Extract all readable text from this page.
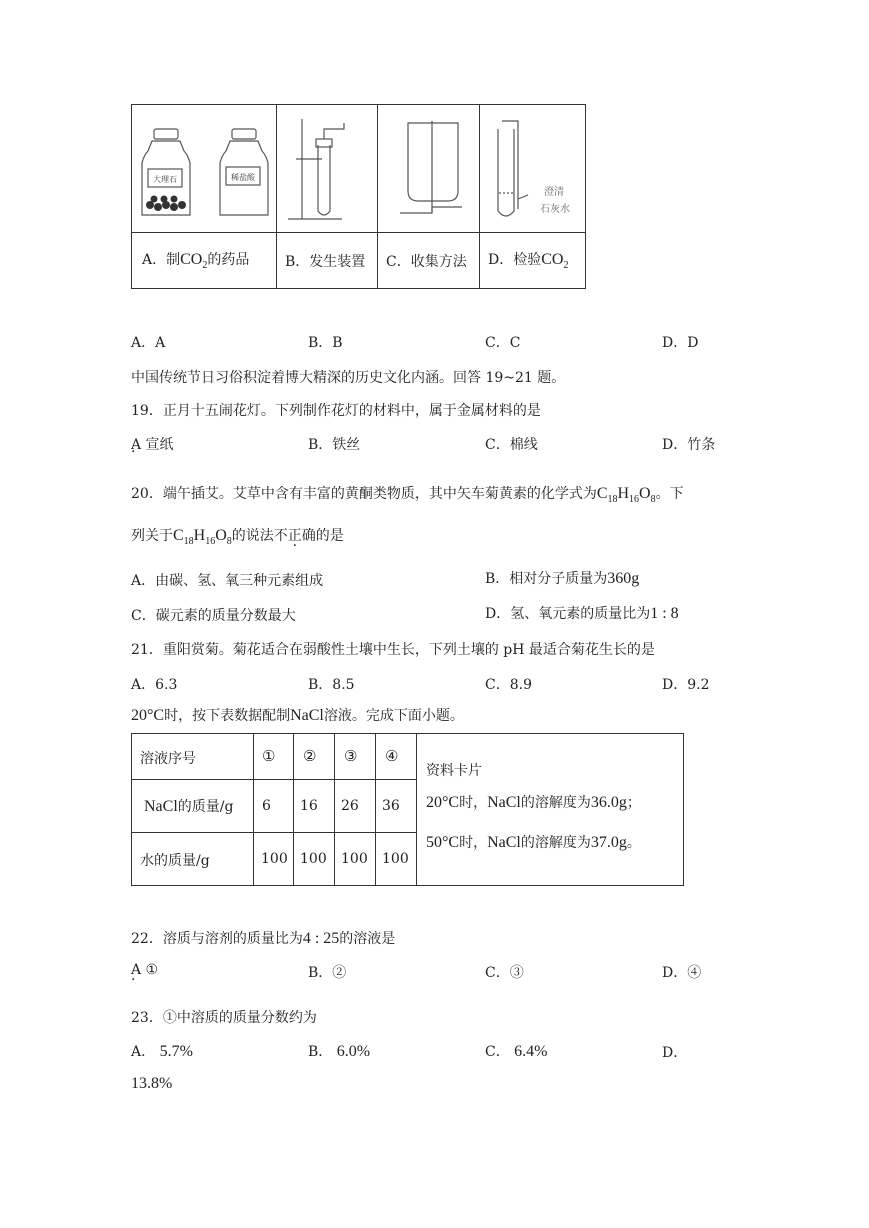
大理石	稀盐酸
澄清
石灰水
A．制$CO_2$的药品	B．发生装置 C．收集方法 D．检验$CO_2$
A．A	B．B	C．C	D．D
中国传统节日习俗积淀着博大精深的历史文化内涵。回答 19~21 题。
19．正月十五闹花灯。下列制作花灯的材料中，属于金属材料的是
A 宣纸 ·	B．铁丝	C．棉线	D．竹条
20．端午插艾。艾草中含有丰富的黄酮类物质，其中矢车菊黄素的化学式为$C_{18}H_{16}O_8$。下
列关于$C_{18}H_{16}O_8$的说法不正确的是
A．由碳、氢、氧三种元素组成	B．相对分子质量为360g
C．碳元素的质量分数最大	D．氢、氧元素的质量比为1 : 8
21．重阳赏菊。菊花适合在弱酸性土壤中生长，下列土壤的 pH 最适合菊花生长的是
A．6.3	B．8.5	C．8.9	D．9.2
20°C时，按下表数据配制NaCl溶液。完成下面小题。
溶液序号	① ② ③ ④
NaCl的质量/g 6 16 26 36
水的质量/g	100 100 100 100
资料卡片
20°C时，NaCl的溶解度为36.0g；
50°C时，NaCl的溶解度为37.0g。
22．溶质与溶剂的质量比为4 : 25的溶液是
A ① ·	B．②	C．③	D．④
23．①中溶质的质量分数约为
A． 5.7%	B． 6.0%	C． 6.4%	D．
13.8%
